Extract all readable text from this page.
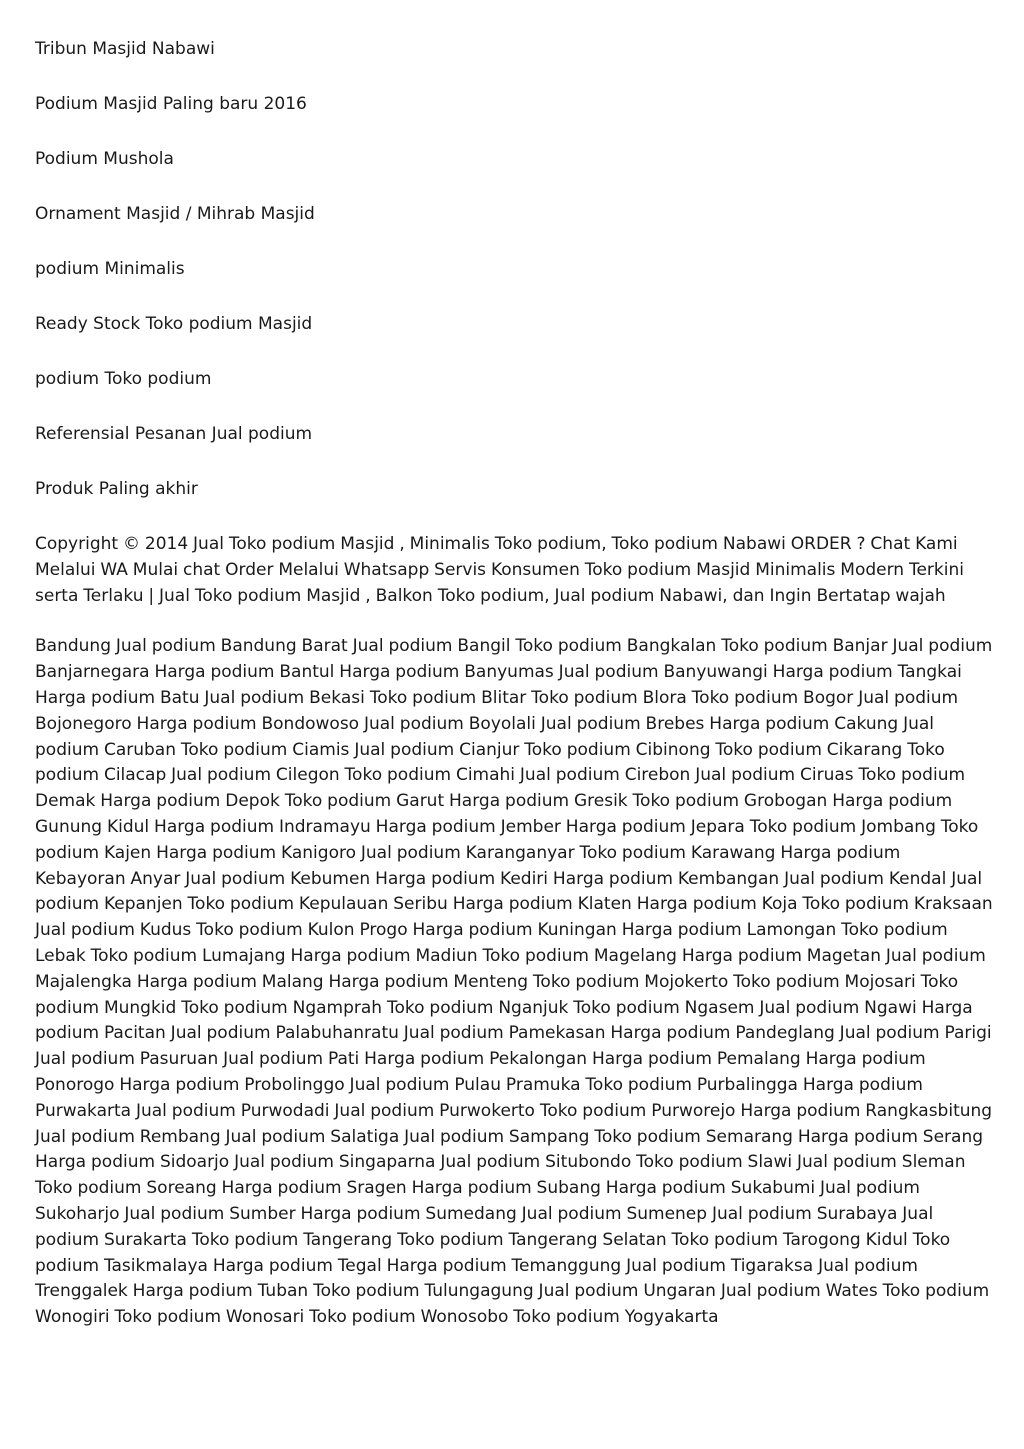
Tribun Masjid Nabawi
Podium Masjid Paling baru 2016
Podium Mushola
Ornament Masjid / Mihrab Masjid
podium Minimalis
Ready Stock Toko podium Masjid
podium Toko podium
Referensial Pesanan Jual podium
Produk Paling akhir

Copyright © 2014 Jual Toko podium Masjid , Minimalis Toko podium, Toko podium Nabawi ORDER ? Chat Kami Melalui WA Mulai chat Order Melalui Whatsapp Servis Konsumen Toko podium Masjid Minimalis Modern Terkini serta Terlaku | Jual Toko podium Masjid , Balkon Toko podium, Jual podium Nabawi, dan Ingin Bertatap wajah

Bandung Jual podium Bandung Barat Jual podium Bangil Toko podium Bangkalan Toko podium Banjar Jual podium Banjarnegara Harga podium Bantul Harga podium Banyumas Jual podium Banyuwangi Harga podium Tangkai Harga podium Batu Jual podium Bekasi Toko podium Blitar Toko podium Blora Toko podium Bogor Jual podium Bojonegoro Harga podium Bondowoso Jual podium Boyolali Jual podium Brebes Harga podium Cakung Jual podium Caruban Toko podium Ciamis Jual podium Cianjur Toko podium Cibinong Toko podium Cikarang Toko podium Cilacap Jual podium Cilegon Toko podium Cimahi Jual podium Cirebon Jual podium Ciruas Toko podium Demak Harga podium Depok Toko podium Garut Harga podium Gresik Toko podium Grobogan Harga podium Gunung Kidul Harga podium Indramayu Harga podium Jember Harga podium Jepara Toko podium Jombang Toko podium Kajen Harga podium Kanigoro Jual podium Karanganyar Toko podium Karawang Harga podium Kebayoran Anyar Jual podium Kebumen Harga podium Kediri Harga podium Kembangan Jual podium Kendal Jual podium Kepanjen Toko podium Kepulauan Seribu Harga podium Klaten Harga podium Koja Toko podium Kraksaan Jual podium Kudus Toko podium Kulon Progo Harga podium Kuningan Harga podium Lamongan Toko podium Lebak Toko podium Lumajang Harga podium Madiun Toko podium Magelang Harga podium Magetan Jual podium Majalengka Harga podium Malang Harga podium Menteng Toko podium Mojokerto Toko podium Mojosari Toko podium Mungkid Toko podium Ngamprah Toko podium Nganjuk Toko podium Ngasem Jual podium Ngawi Harga podium Pacitan Jual podium Palabuhanratu Jual podium Pamekasan Harga podium Pandeglang Jual podium Parigi Jual podium Pasuruan Jual podium Pati Harga podium Pekalongan Harga podium Pemalang Harga podium Ponorogo Harga podium Probolinggo Jual podium Pulau Pramuka Toko podium Purbalingga Harga podium Purwakarta Jual podium Purwodadi Jual podium Purwokerto Toko podium Purworejo Harga podium Rangkasbitung Jual podium Rembang Jual podium Salatiga Jual podium Sampang Toko podium Semarang Harga podium Serang Harga podium Sidoarjo Jual podium Singaparna Jual podium Situbondo Toko podium Slawi Jual podium Sleman Toko podium Soreang Harga podium Sragen Harga podium Subang Harga podium Sukabumi Jual podium Sukoharjo Jual podium Sumber Harga podium Sumedang Jual podium Sumenep Jual podium Surabaya Jual podium Surakarta Toko podium Tangerang Toko podium Tangerang Selatan Toko podium Tarogong Kidul Toko podium Tasikmalaya Harga podium Tegal Harga podium Temanggung Jual podium Tigaraksa Jual podium Trenggalek Harga podium Tuban Toko podium Tulungagung Jual podium Ungaran Jual podium Wates Toko podium Wonogiri Toko podium Wonosari Toko podium Wonosobo Toko podium Yogyakarta
